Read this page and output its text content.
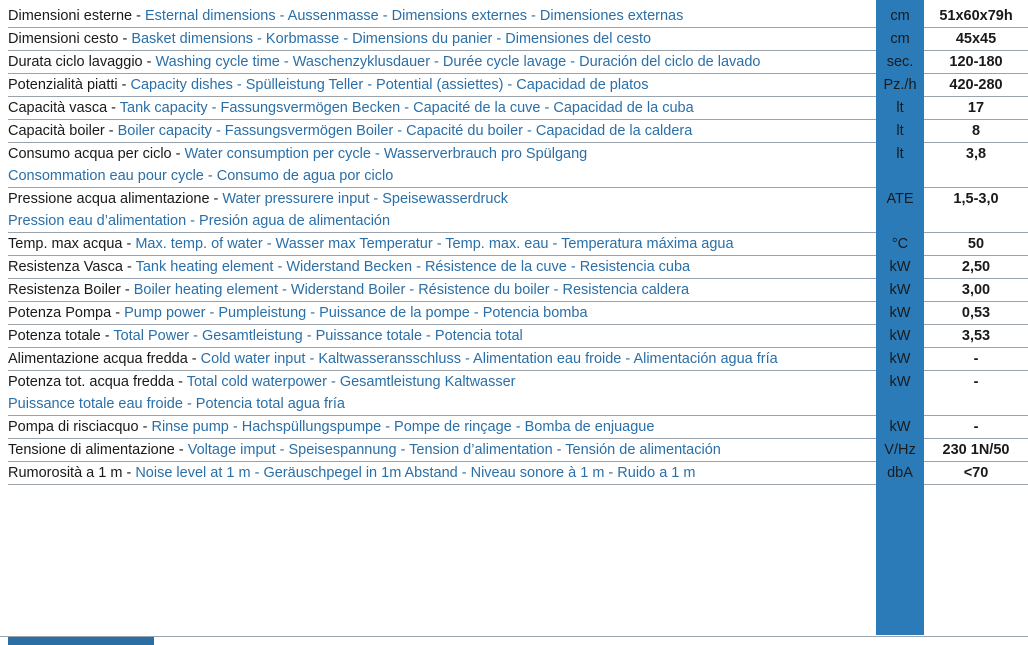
Dimensioni esterne - Esternal dimensions - Aussenmasse - Dimensions externes - Dimensiones externas	cm	51x60x79h

Dimensioni cesto - Basket dimensions - Korbmasse - Dimensions du panier - Dimensiones del cesto	cm	45x45

Durata ciclo lavaggio - Washing cycle time - Waschenzyklusdauer - Durée cycle lavage - Duración del ciclo de lavado	sec.	120-180

Potenzialità piatti - Capacity dishes - Spülleistung Teller - Potential (assiettes) - Capacidad de platos	Pz./h	420-280

Capacità vasca - Tank capacity - Fassungsvermögen Becken - Capacité de la cuve - Capacidad de la cuba	lt	17

Capacità boiler - Boiler capacity - Fassungsvermögen Boiler - Capacité du boiler - Capacidad de la caldera	lt	8

Consumo acqua per ciclo - Water consumption per cycle - Wasserverbrauch pro Spülgang
Consommation eau pour cycle - Consumo de agua por ciclo	lt	3,8

Pressione acqua alimentazione - Water pressurere input - Speisewasserdruck
Pression eau d’alimentation - Presión agua de alimentación	ATE	1,5-3,0

Temp. max acqua - Max. temp. of water - Wasser max Temperatur - Temp. max. eau - Temperatura máxima agua	°C	50

Resistenza Vasca - Tank heating element - Widerstand Becken - Résistence de la cuve - Resistencia cuba	kW	2,50

Resistenza Boiler - Boiler heating element - Widerstand Boiler - Résistence du boiler - Resistencia caldera	kW	3,00

Potenza Pompa - Pump power - Pumpleistung - Puissance de la pompe - Potencia bomba	kW	0,53

Potenza totale - Total Power - Gesamtleistung - Puissance totale - Potencia total	kW	3,53

Alimentazione acqua fredda - Cold water input - Kaltwasseransschluss - Alimentation eau froide - Alimentación agua fría	kW	-

Potenza tot. acqua fredda - Total cold waterpower - Gesamtleistung Kaltwasser
Puissance totale eau froide - Potencia total agua fría	kW	-

Pompa di risciacquo - Rinse pump - Hachspüllungspumpe - Pompe de rinçage - Bomba de enjuague	kW	-

Tensione di alimentazione - Voltage imput - Speisespannung - Tension d’alimentation - Tensión de alimentación	V/Hz	230 1N/50

Rumorosità a 1 m - Noise level at 1 m - Geräuschpegel in 1m Abstand - Niveau sonore à 1 m - Ruido a 1 m	dbA	<70
